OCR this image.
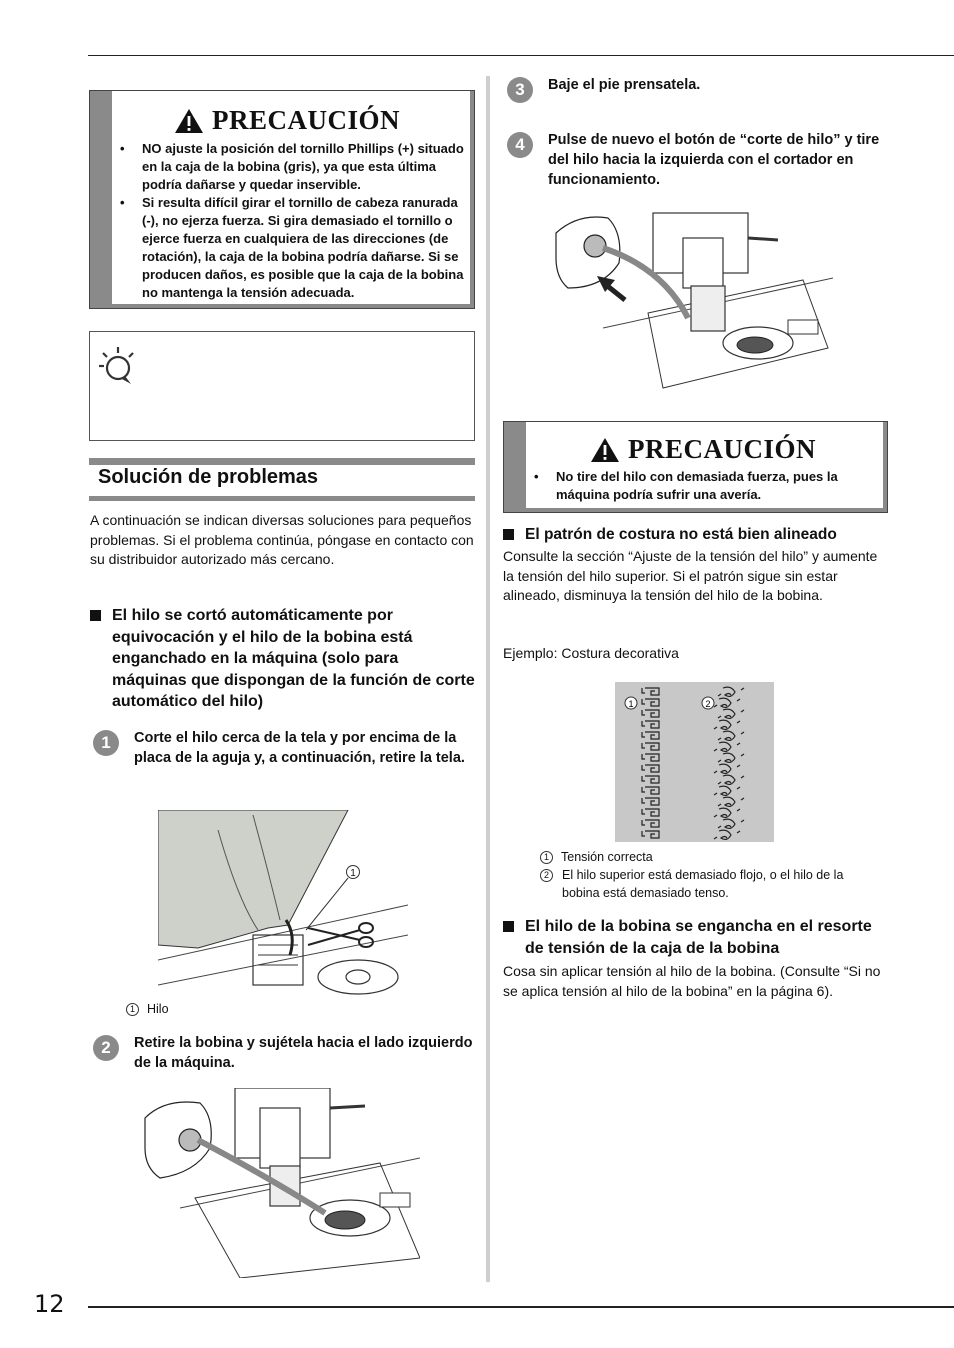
12
PRECAUCIÓN
• NO ajuste la posición del tornillo Phillips (+) situado en la caja de la bobina (gris), ya que esta última podría dañarse y quedar inservible.
• Si resulta difícil girar el tornillo de cabeza ranurada (-), no ejerza fuerza. Si gira demasiado el tornillo o ejerce fuerza en cualquiera de las direcciones (de rotación), la caja de la bobina podría dañarse. Si se producen daños, es posible que la caja de la bobina no mantenga la tensión adecuada.
Solución de problemas
A continuación se indican diversas soluciones para pequeños problemas. Si el problema continúa, póngase en contacto con su distribuidor autorizado más cercano.
El hilo se cortó automáticamente por equivocación y el hilo de la bobina está enganchado en la máquina (solo para máquinas que dispongan de la función de corte automático del hilo)
1	Corte el hilo cerca de la tela y por encima de la placa de la aguja y, a continuación, retire la tela.
1
1 Hilo
2	Retire la bobina y sujétela hacia el lado izquierdo de la máquina.
3	Baje el pie prensatela.
4	Pulse de nuevo el botón de “corte de hilo” y tire del hilo hacia la izquierda con el cortador en funcionamiento.
PRECAUCIÓN
• No tire del hilo con demasiada fuerza, pues la máquina podría sufrir una avería.
El patrón de costura no está bien alineado
Consulte la sección “Ajuste de la tensión del hilo” y aumente la tensión del hilo superior. Si el patrón sigue sin estar alineado, disminuya la tensión del hilo de la bobina.
Ejemplo: Costura decorativa
1	2
1 Tensión correcta
2	El hilo superior está demasiado flojo, o el hilo de la bobina está demasiado tenso.
El hilo de la bobina se engancha en el resorte de tensión de la caja de la bobina
Cosa sin aplicar tensión al hilo de la bobina. (Consulte “Si no se aplica tensión al hilo de la bobina” en la página 6).
